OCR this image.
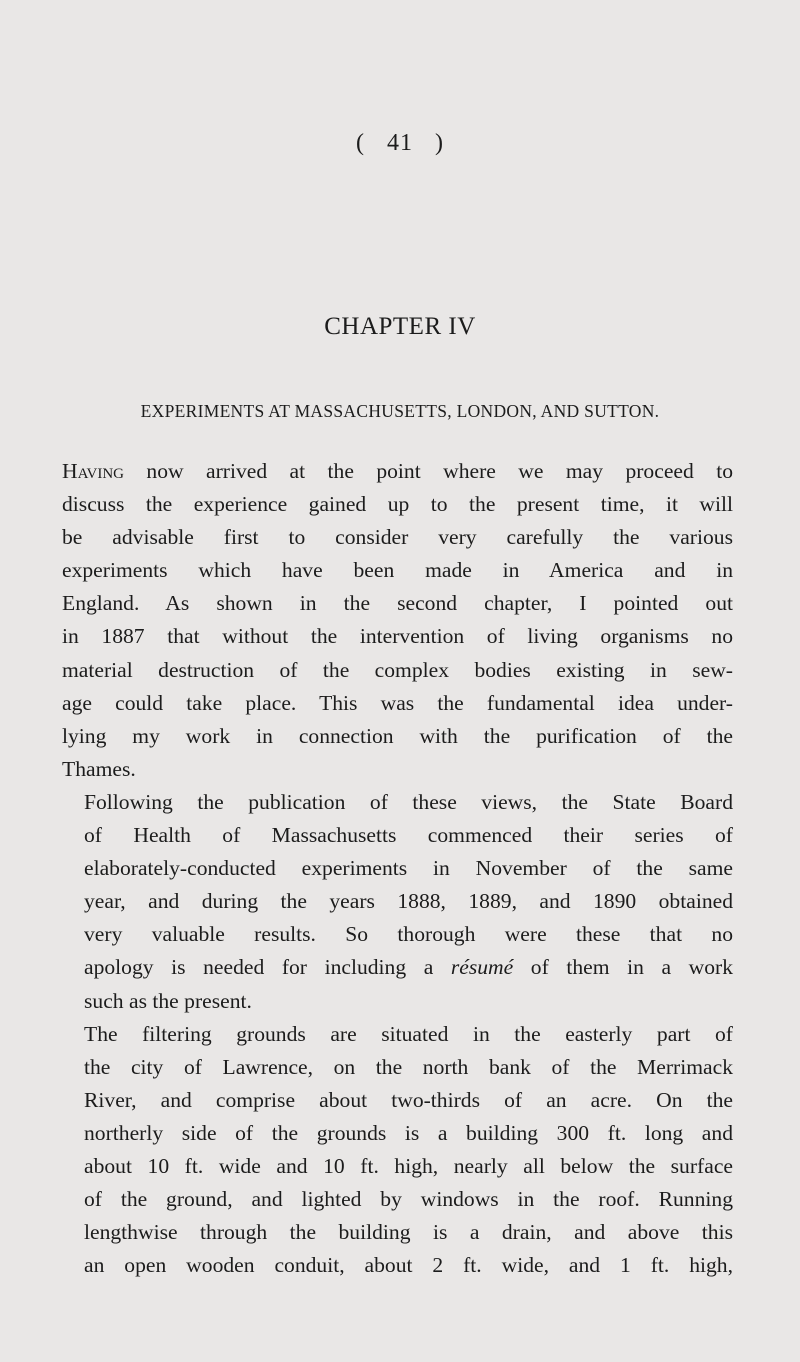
( 41 )
CHAPTER IV
EXPERIMENTS AT MASSACHUSETTS, LONDON, AND SUTTON.

Having now arrived at the point where we may proceed to
discuss the experience gained up to the present time, it will
be advisable first to consider very carefully the various
experiments which have been made in America and in
England. As shown in the second chapter, I pointed out
in 1887 that without the intervention of living organisms no
material destruction of the complex bodies existing in sew-
age could take place. This was the fundamental idea under-
lying my work in connection with the purification of the
Thames.

Following the publication of these views, the State Board
of Health of Massachusetts commenced their series of
elaborately-conducted experiments in November of the same
year, and during the years 1888, 1889, and 1890 obtained
very valuable results. So thorough were these that no
apology is needed for including a résumé of them in a work
such as the present.

The filtering grounds are situated in the easterly part of
the city of Lawrence, on the north bank of the Merrimack
River, and comprise about two-thirds of an acre. On the
northerly side of the grounds is a building 300 ft. long and
about 10 ft. wide and 10 ft. high, nearly all below the surface
of the ground, and lighted by windows in the roof. Running
lengthwise through the building is a drain, and above this
an open wooden conduit, about 2 ft. wide, and 1 ft. high,
